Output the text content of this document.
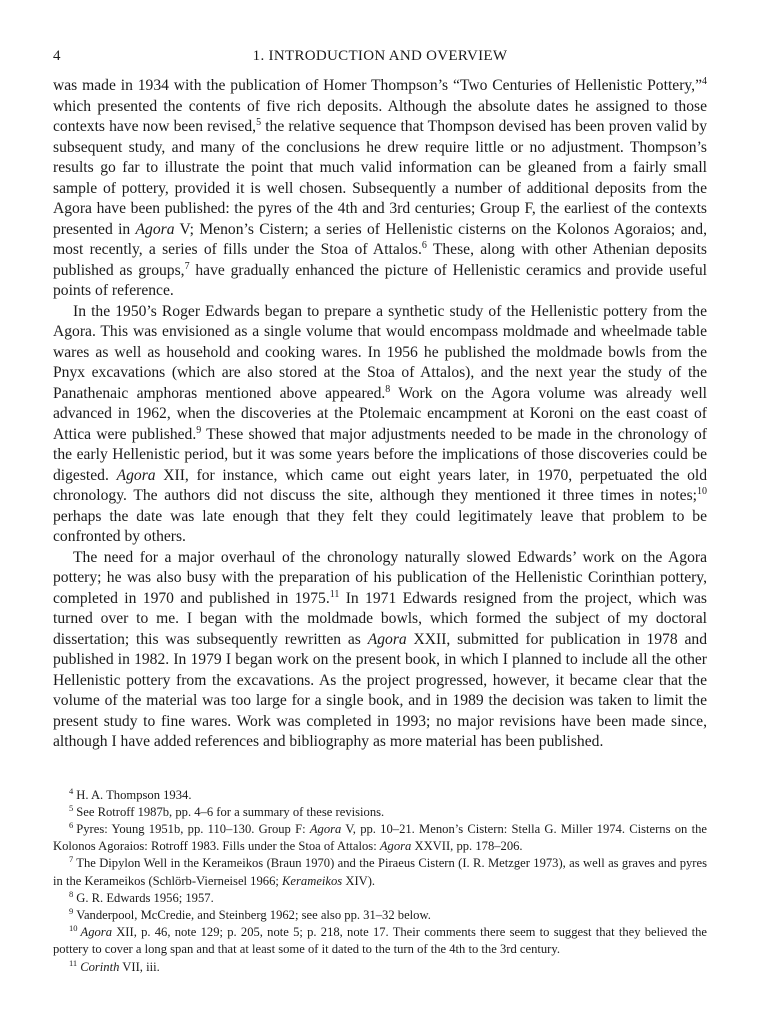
4	1. INTRODUCTION AND OVERVIEW

was made in 1934 with the publication of Homer Thompson’s “Two Centuries of Hellenistic Pottery,”$^4$ which presented the contents of five rich deposits. Although the absolute dates he assigned to those contexts have now been revised,$^5$ the relative sequence that Thompson devised has been proven valid by subsequent study, and many of the conclusions he drew require little or no adjustment. Thompson’s results go far to illustrate the point that much valid information can be gleaned from a fairly small sample of pottery, provided it is well chosen. Subsequently a number of additional deposits from the Agora have been published: the pyres of the 4th and 3rd centuries; Group F, the earliest of the contexts presented in Agora V; Menon’s Cistern; a series of Hellenistic cisterns on the Kolonos Agoraios; and, most recently, a series of fills under the Stoa of Attalos.$^6$ These, along with other Athenian deposits published as groups,$^7$ have gradually enhanced the picture of Hellenistic ceramics and provide useful points of reference.

In the 1950’s Roger Edwards began to prepare a synthetic study of the Hellenistic pottery from the Agora. This was envisioned as a single volume that would encompass moldmade and wheelmade table wares as well as household and cooking wares. In 1956 he published the moldmade bowls from the Pnyx excavations (which are also stored at the Stoa of Attalos), and the next year the study of the Panathenaic amphoras mentioned above appeared.$^8$ Work on the Agora volume was already well advanced in 1962, when the discoveries at the Ptolemaic encampment at Koroni on the east coast of Attica were published.$^9$ These showed that major adjustments needed to be made in the chronology of the early Hellenistic period, but it was some years before the implications of those discoveries could be digested. Agora XII, for instance, which came out eight years later, in 1970, perpetuated the old chronology. The authors did not discuss the site, although they mentioned it three times in notes;$^{10}$ perhaps the date was late enough that they felt they could legitimately leave that problem to be confronted by others.

The need for a major overhaul of the chronology naturally slowed Edwards’ work on the Agora pottery; he was also busy with the preparation of his publication of the Hellenistic Corinthian pottery, completed in 1970 and published in 1975.11 In 1971 Edwards resigned from the project, which was turned over to me. I began with the moldmade bowls, which formed the subject of my doctoral dissertation; this was subsequently rewritten as Agora XXII, submitted for publication in 1978 and published in 1982. In 1979 I began work on the present book, in which I planned to include all the other Hellenistic pottery from the excavations. As the project progressed, however, it became clear that the volume of the material was too large for a single book, and in 1989 the decision was taken to limit the present study to fine wares. Work was completed in 1993; no major revisions have been made since, although I have added references and bibliography as more material has been published.

$^4$ H. A. Thompson 1934.
$^5$ See Rotroff 1987b, pp. 4–6 for a summary of these revisions.
$^6$ Pyres: Young 1951b, pp. 110–130. Group F: Agora V, pp. 10–21. Menon’s Cistern: Stella G. Miller 1974. Cisterns on the Kolonos Agoraios: Rotroff 1983. Fills under the Stoa of Attalos: Agora XXVII, pp. 178–206.
$^7$ The Dipylon Well in the Kerameikos (Braun 1970) and the Piraeus Cistern (I. R. Metzger 1973), as well as graves and pyres in the Kerameikos (Schlörb-Vierneisel 1966; Kerameikos XIV).
$^8$ G. R. Edwards 1956; 1957.
$^9$ Vanderpool, McCredie, and Steinberg 1962; see also pp. 31–32 below.
$^{10}$ Agora XII, p. 46, note 129; p. 205, note 5; p. 218, note 17. Their comments there seem to suggest that they believed the pottery to cover a long span and that at least some of it dated to the turn of the 4th to the 3rd century.
$^{11}$ Corinth VII, iii.
